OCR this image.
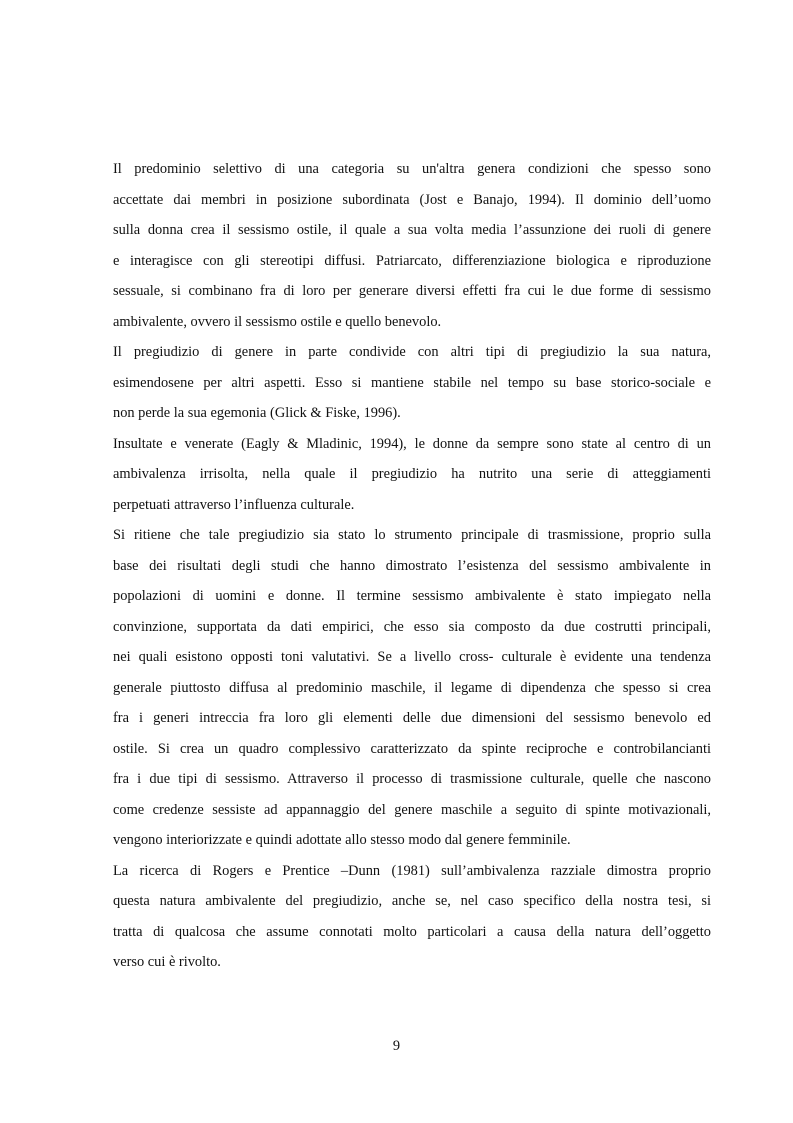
Il predominio selettivo di una categoria su un'altra genera condizioni che spesso sono
accettate dai membri in posizione subordinata (Jost e Banajo, 1994). Il dominio dell’uomo
sulla donna crea il sessismo ostile, il quale a sua volta media l’assunzione dei ruoli di genere
e interagisce con gli stereotipi diffusi. Patriarcato, differenziazione biologica e riproduzione
sessuale, si combinano fra di loro per generare diversi effetti fra cui le due forme di sessismo
ambivalente, ovvero il sessismo ostile e quello benevolo.
Il pregiudizio di genere in parte condivide con altri tipi di pregiudizio la sua natura,
esimendosene per altri aspetti. Esso si mantiene stabile nel tempo su base storico-sociale e
non perde la sua egemonia (Glick & Fiske, 1996).
Insultate e venerate (Eagly & Mladinic, 1994), le donne da sempre sono state al centro di un
ambivalenza irrisolta, nella quale il pregiudizio ha nutrito una serie di atteggiamenti
perpetuati attraverso l’influenza culturale.
Si ritiene che tale pregiudizio sia stato lo strumento principale di trasmissione, proprio sulla
base dei risultati degli studi che hanno dimostrato l’esistenza del sessismo ambivalente in
popolazioni di uomini e donne. Il termine sessismo ambivalente è stato impiegato nella
convinzione, supportata da dati empirici, che esso sia composto da due costrutti principali,
nei quali esistono opposti toni valutativi. Se a livello cross- culturale è evidente una tendenza
generale piuttosto diffusa al predominio maschile, il legame di dipendenza che spesso si crea
fra i generi intreccia fra loro gli elementi delle due dimensioni del sessismo benevolo ed
ostile. Si crea un quadro complessivo caratterizzato da spinte reciproche e controbilancianti
fra i due tipi di sessismo. Attraverso il processo di trasmissione culturale, quelle che nascono
come credenze sessiste ad appannaggio del genere maschile a seguito di spinte motivazionali,
vengono interiorizzate e quindi adottate allo stesso modo dal genere femminile.
La ricerca di Rogers e Prentice –Dunn (1981) sull’ambivalenza razziale dimostra proprio
questa natura ambivalente del pregiudizio, anche se, nel caso specifico della nostra tesi, si
tratta di qualcosa che assume connotati molto particolari a causa della natura dell’oggetto
verso cui è rivolto.
9
